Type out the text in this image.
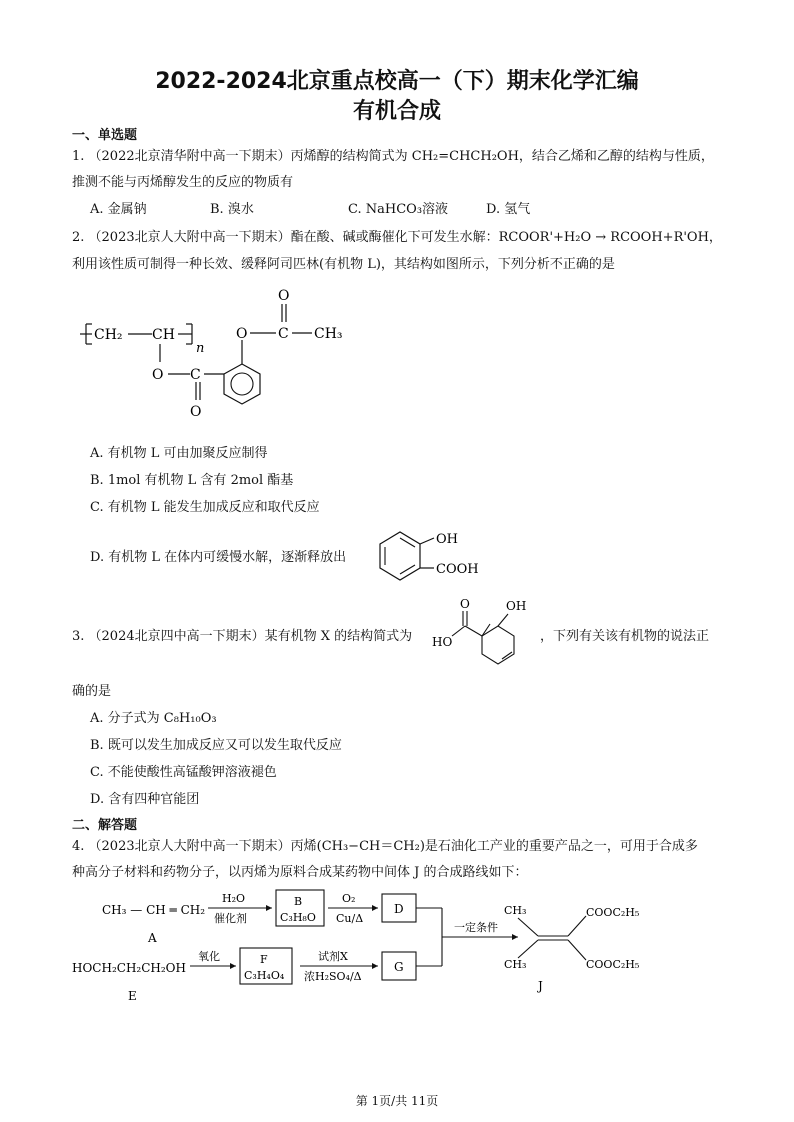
2022-2024北京重点校高一（下）期末化学汇编
有机合成
一、单选题
1. （2022北京清华附中高一下期末）丙烯醇的结构简式为 CH₂=CHCH₂OH，结合乙烯和乙醇的结构与性质，
推测不能与丙烯醇发生的反应的物质有
A. 金属钠	B. 溴水	C. NaHCO₃溶液	D. 氢气
2. （2023北京人大附中高一下期末）酯在酸、碱或酶催化下可发生水解：RCOOR'+H₂O → RCOOH+R'OH，
利用该性质可制得一种长效、缓释阿司匹林(有机物 L)，其结构如图所示，下列分析不正确的是
CH₂ CH
n
O C
O
O C
O
CH₃
A. 有机物 L 可由加聚反应制得
B. 1mol 有机物 L 含有 2mol 酯基
C. 有机物 L 能发生加成反应和取代反应
D. 有机物 L 在体内可缓慢水解，逐渐释放出
OH
COOH
3. （2024北京四中高一下期末）某有机物 X 的结构简式为
O
HO
OH
，下列有关该有机物的说法正
确的是
A. 分子式为 C₈H₁₀O₃
B. 既可以发生加成反应又可以发生取代反应
C. 不能使酸性高锰酸钾溶液褪色
D. 含有四种官能团
二、解答题
4. （2023北京人大附中高一下期末）丙烯(CH₃−CH＝CH₂)是石油化工产业的重要产品之一，可用于合成多
种高分子材料和药物分子，以丙烯为原料合成某药物中间体 J 的合成路线如下：
CH₃ — CH ═ CH₂
A
H₂O
催化剂
B
C₃H₈O
O₂
Cu/Δ
D
HOCH₂CH₂CH₂OH
E
氧化	F
C₃H₄O₄
试剂X
浓H₂SO₄/Δ
G
一定条件
CH₃
CH₃
COOC₂H₅
COOC₂H₅
J
第 1页/共 11页
